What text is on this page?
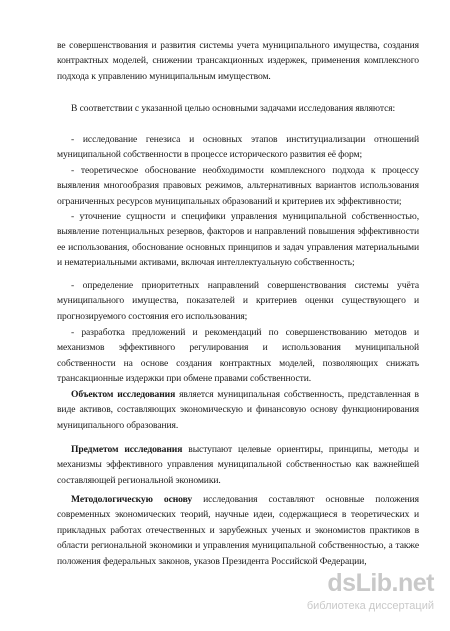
ве совершенствования и развития системы учета муниципального имущества, создания контрактных моделей, снижении трансакционных издержек, применения комплексного подхода к управлению муниципальным имуществом.

В соответствии с указанной целью основными задачами исследования являются:

- исследование генезиса и основных этапов институциализации отношений муниципальной собственности в процессе исторического развития её форм;

- теоретическое обоснование необходимости комплексного подхода к процессу выявления многообразия правовых режимов, альтернативных вариантов использования ограниченных ресурсов муниципальных образований и критериев их эффективности;

- уточнение сущности и специфики управления муниципальной собственностью, выявление потенциальных резервов, факторов и направлений повышения эффективности ее использования, обоснование основных принципов и задач управления материальными и нематериальными активами, включая интеллектуальную собственность;

- определение приоритетных направлений совершенствования системы учёта муниципального имущества, показателей и критериев оценки существующего и прогнозируемого состояния его использования;

- разработка предложений и рекомендаций по совершенствованию методов и механизмов эффективного регулирования и использования муниципальной собственности на основе создания контрактных моделей, позволяющих снижать трансакционные издержки при обмене правами собственности.

Объектом исследования является муниципальная собственность, представленная в виде активов, составляющих экономическую и финансовую основу функционирования муниципального образования.

Предметом исследования выступают целевые ориентиры, принципы, методы и механизмы эффективного управления муниципальной собственностью как важнейшей составляющей региональной экономики.

Методологическую основу исследования составляют основные положения современных экономических теорий, научные идеи, содержащиеся в теоретических и прикладных работах отечественных и зарубежных ученых и экономистов практиков в области региональной экономики и управления муниципальной собственностью, а также положения федеральных законов, указов Президента Российской Федерации,

dsLib.net
библиотека диссертаций
